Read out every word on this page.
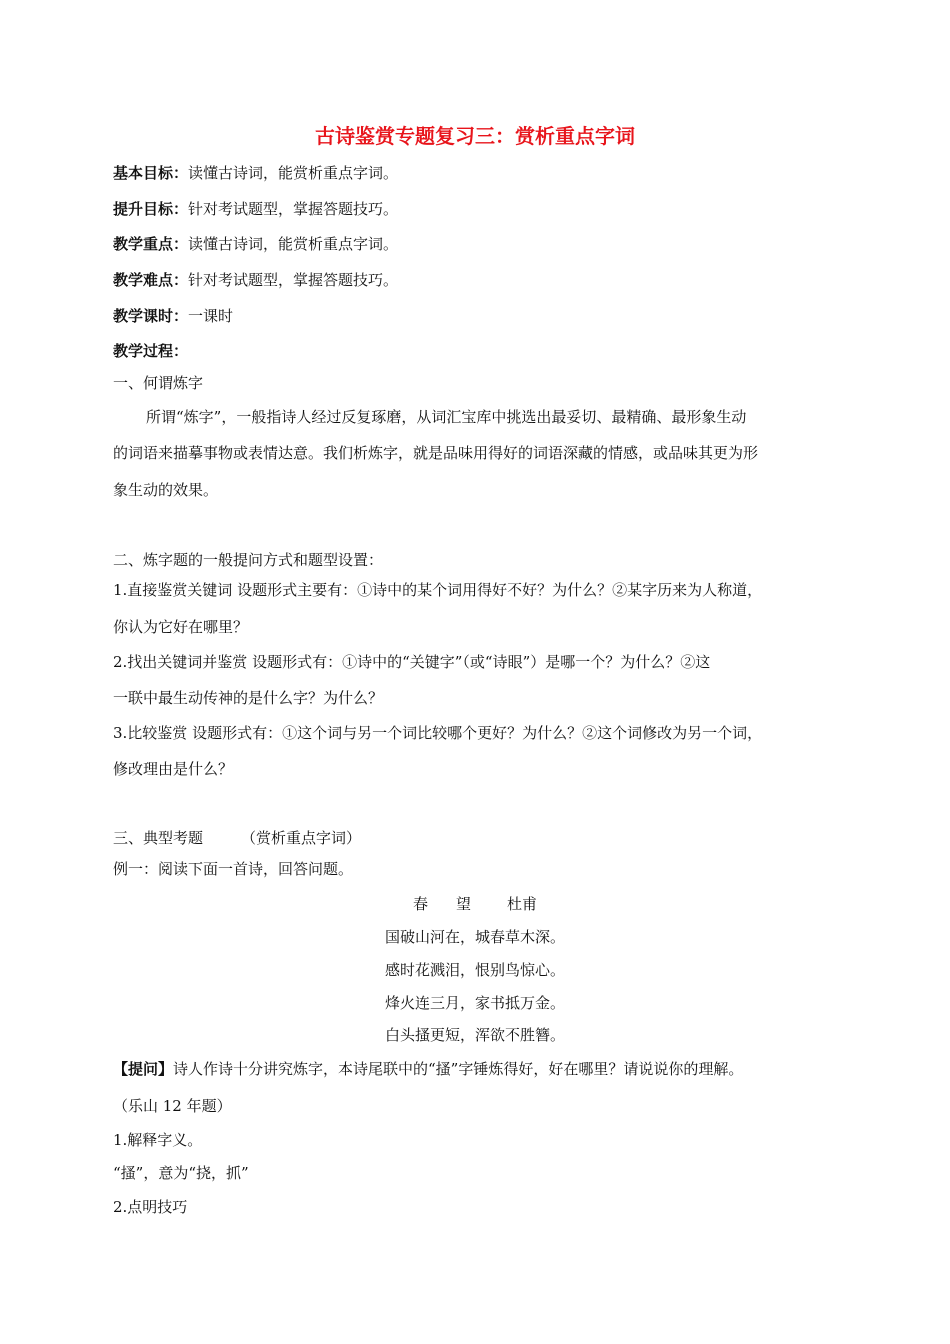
古诗鉴赏专题复习三：赏析重点字词

基本目标：读懂古诗词，能赏析重点字词。

提升目标：针对考试题型，掌握答题技巧。

教学重点：读懂古诗词，能赏析重点字词。

教学难点：针对考试题型，掌握答题技巧。

教学课时：一课时

教学过程：

一、何谓炼字

所谓“炼字”，一般指诗人经过反复琢磨，从词汇宝库中挑选出最妥切、最精确、最形象生动

的词语来描摹事物或表情达意。我们析炼字，就是品味用得好的词语深藏的情感，或品味其更为形

象生动的效果。

二、炼字题的一般提问方式和题型设置：

1.直接鉴赏关键词 设题形式主要有：①诗中的某个词用得好不好？为什么？②某字历来为人称道，

你认为它好在哪里？

2.找出关键词并鉴赏 设题形式有：①诗中的“关键字”（或“诗眼”）是哪一个？为什么？②这

一联中最生动传神的是什么字？为什么？

3.比较鉴赏 设题形式有：①这个词与另一个词比较哪个更好？为什么？②这个词修改为另一个词，

修改理由是什么？

三、典型考题	（赏析重点字词）

例一：阅读下面一首诗，回答问题。

春 望 杜甫

国破山河在，城春草木深。

感时花溅泪，恨别鸟惊心。

烽火连三月，家书抵万金。

白头搔更短，浑欲不胜簪。

【提问】诗人作诗十分讲究炼字，本诗尾联中的“搔”字锤炼得好，好在哪里？请说说你的理解。

（乐山 12 年题）

1.解释字义。

“搔”，意为“挠，抓”

2.点明技巧
